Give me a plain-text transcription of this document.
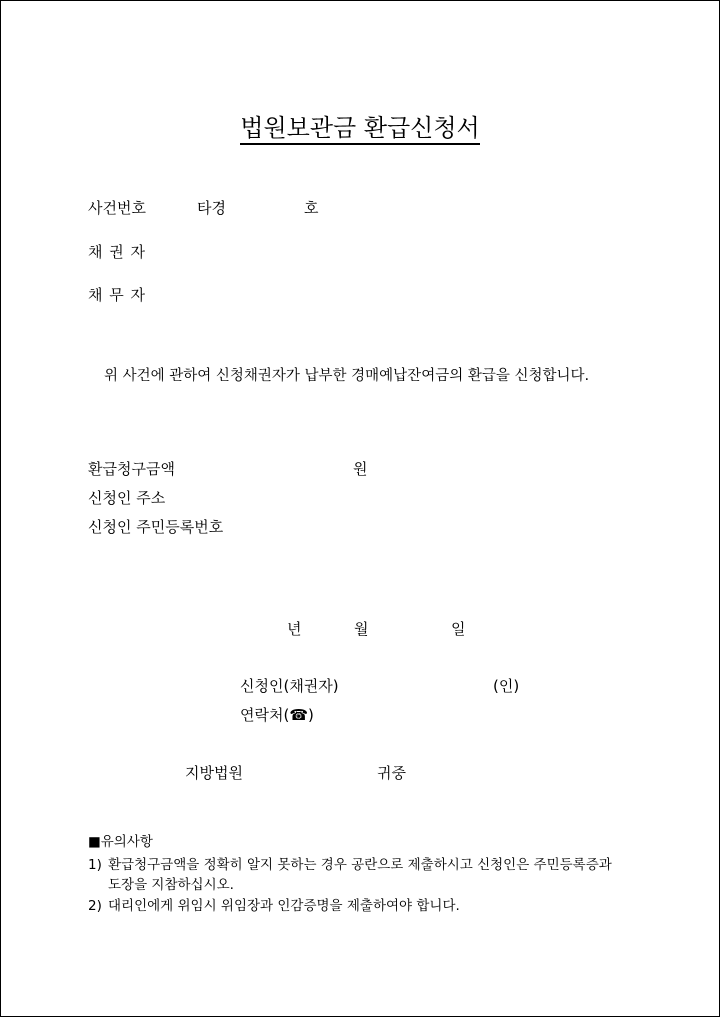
법원보관금 환급신청서
사건번호	타경	호
채 권 자
채 무 자
위 사건에 관하여 신청채권자가 납부한 경매예납잔여금의 환급을 신청합니다.
환급청구금액	원
신청인 주소
신청인 주민등록번호
년	월	일
신청인(채권자)	(인)
연락처(☎)
지방법원	귀중
■유의사항
1) 환급청구금액을 정확히 알지 못하는 경우 공란으로 제출하시고 신청인은 주민등록증과
도장을 지참하십시오.
2) 대리인에게 위임시 위임장과 인감증명을 제출하여야 합니다.
